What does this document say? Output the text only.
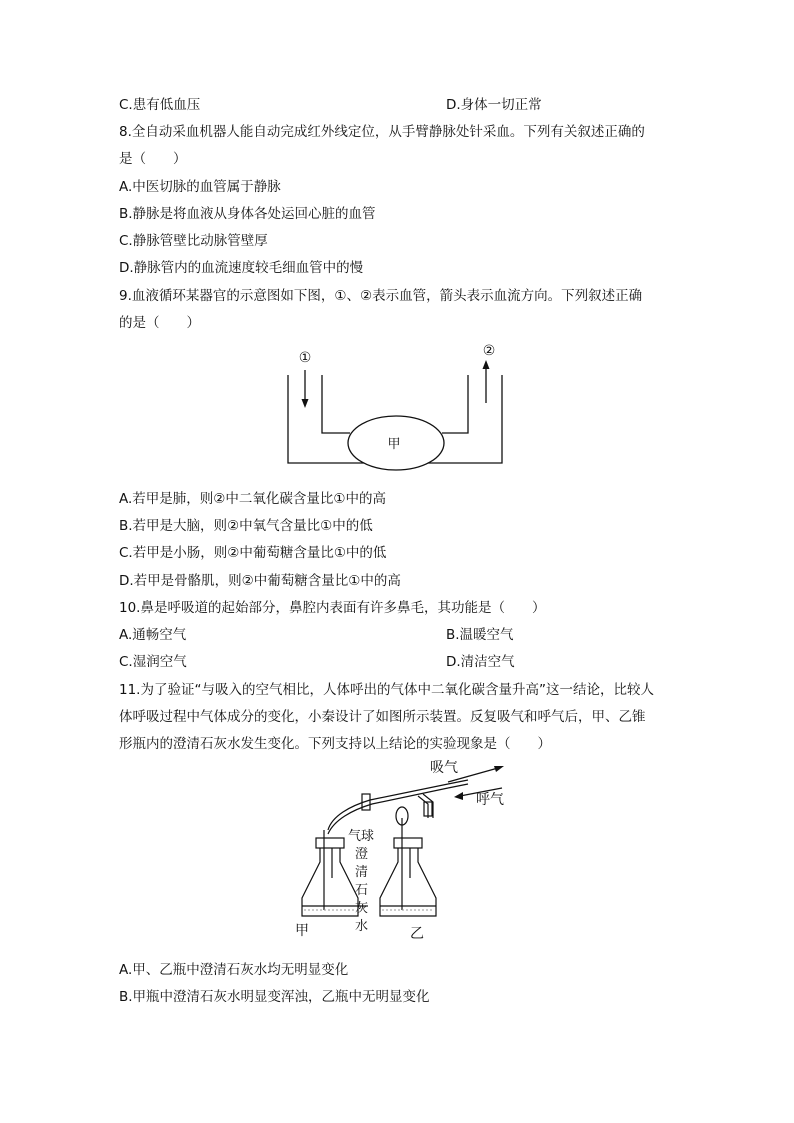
C.患有低血压	D.身体一切正常
8.全自动采血机器人能自动完成红外线定位，从手臂静脉处针采血。下列有关叙述正确的
是（　　）
A.中医切脉的血管属于静脉
B.静脉是将血液从身体各处运回心脏的血管
C.静脉管壁比动脉管壁厚
D.静脉管内的血流速度较毛细血管中的慢
9.血液循环某器官的示意图如下图，①、②表示血管，箭头表示血流方向。下列叙述正确
的是（　　）
①	②
甲
A.若甲是肺，则②中二氧化碳含量比①中的高
B.若甲是大脑，则②中氧气含量比①中的低
C.若甲是小肠，则②中葡萄糖含量比①中的低
D.若甲是骨骼肌，则②中葡萄糖含量比①中的高
10.鼻是呼吸道的起始部分，鼻腔内表面有许多鼻毛，其功能是（　　）
A.通畅空气	B.温暖空气
C.湿润空气	D.清洁空气
11.为了验证“与吸入的空气相比，人体呼出的气体中二氧化碳含量升高”这一结论，比较人
体呼吸过程中气体成分的变化，小秦设计了如图所示装置。反复吸气和呼气后，甲、乙锥
形瓶内的澄清石灰水发生变化。下列支持以上结论的实验现象是（　　）
吸气
呼气
气球
澄
清
石
灰
水
甲	乙
A.甲、乙瓶中澄清石灰水均无明显变化
B.甲瓶中澄清石灰水明显变浑浊，乙瓶中无明显变化
